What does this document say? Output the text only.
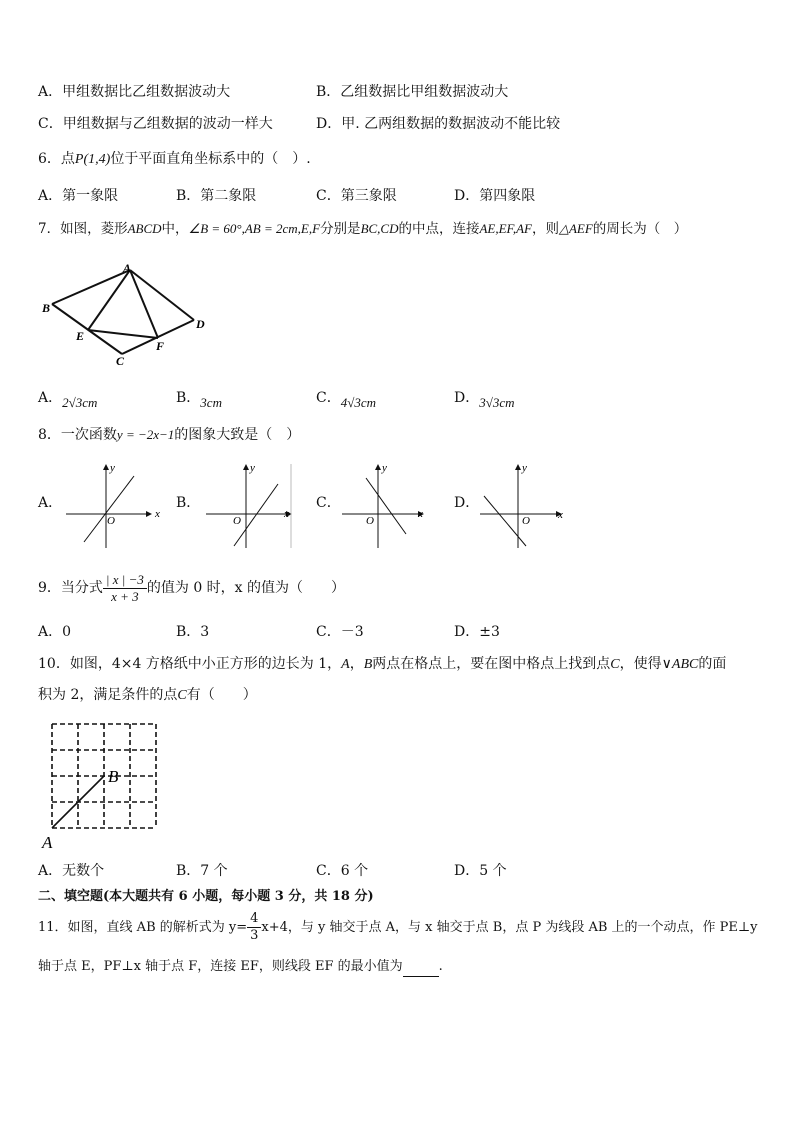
A．甲组数据比乙组数据波动大	B．乙组数据比甲组数据波动大
C．甲组数据与乙组数据的波动一样大	D．甲. 乙两组数据的数据波动不能比较
6．点P(1,4)位于平面直角坐标系中的（　）.
A．第一象限	B．第二象限	C．第三象限	D．第四象限
7．如图，菱形ABCD中，∠B = 60°,AB = 2cm,E,F分别是BC,CD的中点，连接AE,EF,AF，则△AEF的周长为（　）
A
B
C
D
E
F
A．2√3cm	B．3cm	C．4√3cm	D．3√3cm
8．一次函数y = −2x−1的图象大致是（　）
A．
x
y
O
B．
x
y
O
C．
x
y
O
D．
x
y
O
9．当分式 $\frac{| x | -3}{x + 3}$ 的值为 0 时，x 的值为（　　）
A．0	B．3	C．－3	D．±3
10．如图，4×4 方格纸中小正方形的边长为 1，A，B两点在格点上，要在图中格点上找到点C，使得∨ABC的面
积为 2，满足条件的点C有（　　）
A
B
A．无数个	B．7 个	C．6 个	D．5 个
二、填空题(本大题共有 6 小题，每小题 3 分，共 18 分)
11．如图，直线 AB 的解析式为 $y= \frac{4}{3} x+4$，与 y 轴交于点 A，与 x 轴交于点 B，点 P 为线段 AB 上的一个动点，作 PE⊥y
轴于点 E，PF⊥x 轴于点 F，连接 EF，则线段 EF 的最小值为	.
